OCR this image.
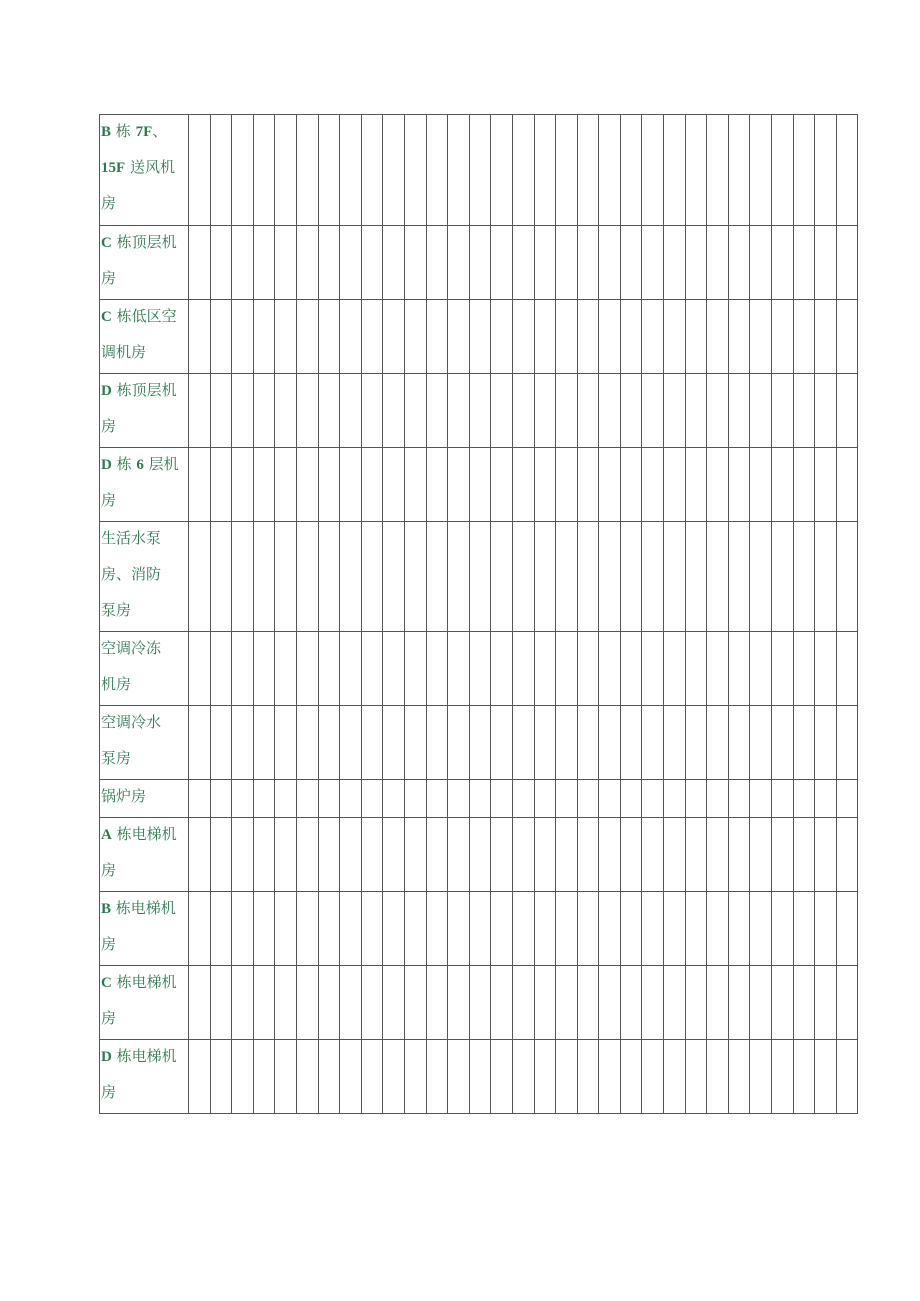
B 栋 7F、
15F 送风机
房																															

C 栋顶层机
房																															

C 栋低区空
调机房																															

D 栋顶层机
房																															

D 栋 6 层机
房																															

生活水泵
房、消防
泵房																															

空调冷冻
机房																															

空调冷水
泵房																															

锅炉房																															

A 栋电梯机
房																															

B 栋电梯机
房																															

C 栋电梯机
房																															

D 栋电梯机
房																															
